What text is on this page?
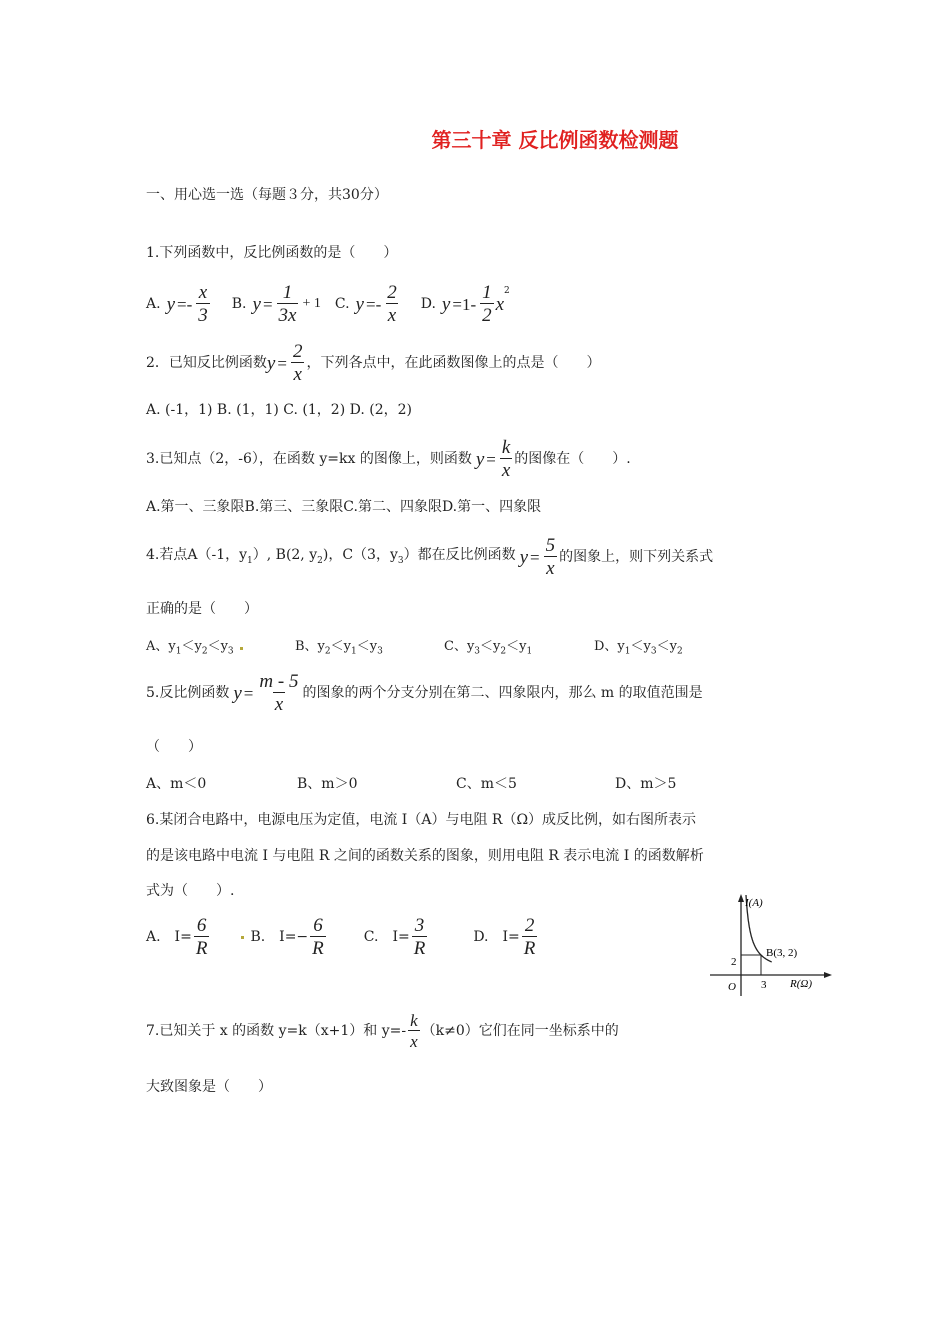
第三十章 反比例函数检测题
一、用心选一选（每题３分，共30分）
1.下列函数中，反比例函数的是（　　）
A. y =-
x
3
B. $y = \frac{1}{3x} + 1$ C. y =-
2
x
D. y =1-
1
2
x
$^2$
2．已知反比例函数 $y = \frac{2}{x}$ ，下列各点中，在此函数图像上的点是（　　）
A. (-1，1) B. (1，1) C. (1，2) D. (2，2)
3.已知点（2，-6），在函数 y=kx 的图像上，则函数 $y = \frac{k}{x}$ 的图像在（　　）.
A.第一、三象限B.第三、三象限C.第二、四象限D.第一、四象限
4.若点A（-1，$y_1$）, B(2, $y_2$)，C（3，$y_3$）都在反比例函数 $y = \frac{5}{x}$ 的图象上，则下列关系式
正确的是（　　）
A、$y_1<y_2<y_3$	B、$y_2<y_1<y_3$	C、$y_3<y_2<y_1$	D、$y_1<y_3<y_2$
5.反比例函数 $y = \frac{m - 5}{x}$ 的图象的两个分支分别在第二、四象限内，那么 m 的取值范围是
（　　）
A、m＜0	B、m＞0	C、m＜5	D、m＞5
6.某闭合电路中，电源电压为定值，电流 I（A）与电阻 R（Ω）成反比例，如右图所表示
的是该电路中电流 I 与电阻 R 之间的函数关系的图象，则用电阻 R 表示电流 I 的函数解析
式为（　　）.
A.　$I= \frac{6}{R}$	B.　$I=- \frac{6}{R}$	C.　$I= \frac{3}{R}$	D.　$I= \frac{2}{R}$
I(A)
R(Ω)
O
2
3
B(3, 2)
7.已知关于 x 的函数 y=k（x+1）和 y=-
k
x
（k≠0）它们在同一坐标系中的
大致图象是（　　）
